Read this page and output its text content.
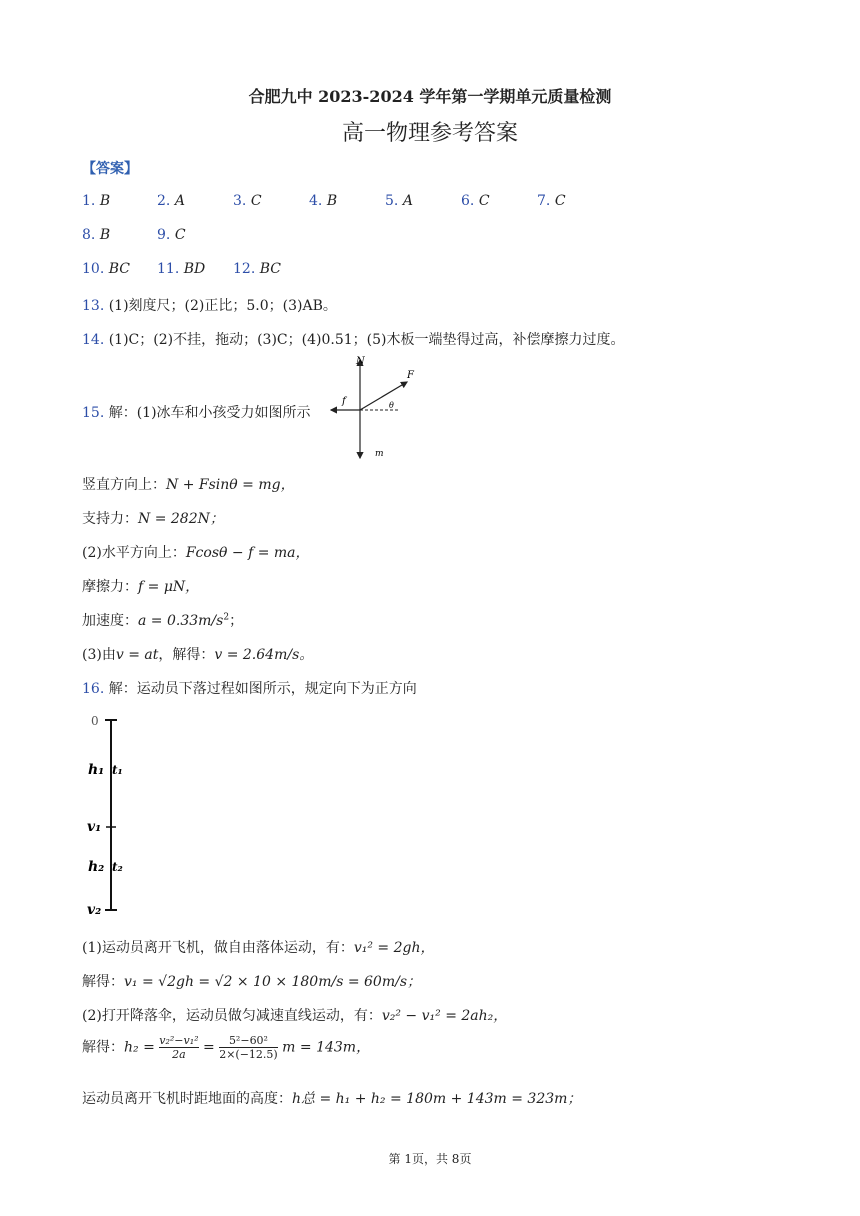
合肥九中 2023-2024 学年第一学期单元质量检测
高一物理参考答案
【答案】
1. B	2. A	3. C	4. B	5. A	6. C	7. C
8. B	9. C
10. BC 11. BD 12. BC
13. (1)刻度尺；(2)正比；5.0；(3)AB。
14. (1)C；(2)不挂，拖动；(3)C；(4)0.51；(5)木板一端垫得过高，补偿摩擦力过度。
15. 解：(1)冰车和小孩受力如图所示
N
F
f	θ
m
竖直方向上：N + Fsinθ = mg，
支持力：N = 282N；
(2)水平方向上：Fcosθ − f = ma，
摩擦力：f = μN，
加速度：$a = 0.33m/s^2$；
(3)由v = at，解得：v = 2.64m/s。
16. 解：运动员下落过程如图所示，规定向下为正方向
0
h₁ t₁
v₁
h₂ t₂
v₂
(1)运动员离开飞机，做自由落体运动，有：v₁² = 2gh，
解得：v₁ = √2gh = √2 × 10 × 180m/s = 60m/s；
(2)打开降落伞，运动员做匀减速直线运动，有：v₂² − v₁² = 2ah₂，
解得：$h_2 = \frac{\text{v₂²−v₁²}}{2a} = \frac{\text{5²−60²}}{2\times(-12.5)}$ m = 143m，
运动员离开飞机时距地面的高度：h总 = h₁ + h₂ = 180m + 143m = 323m；
第 1页，共 8页
